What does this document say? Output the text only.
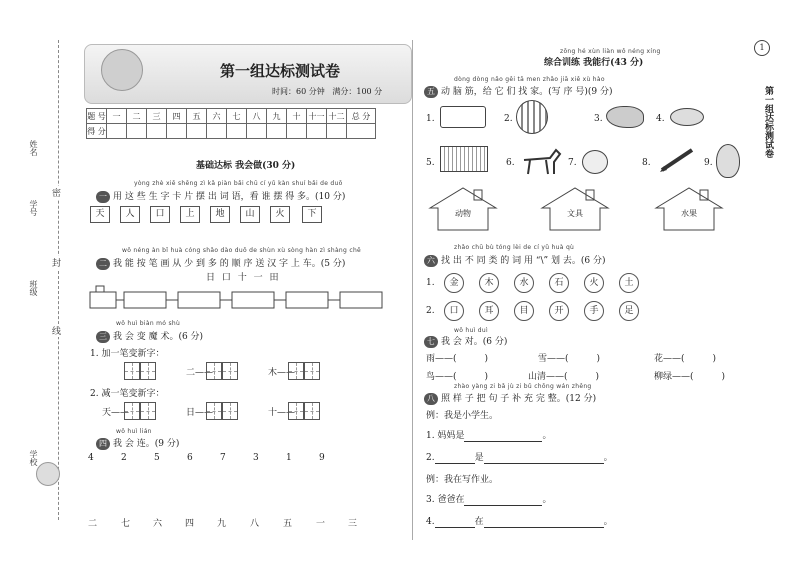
姓名
学号
班级
学校
密
封
线
第一组达标测试卷
时间：60 分钟 满分：100 分
题 号	一	二	三	四	五	六	七	八	九	十	十一	十二	总 分
得 分													
基础达标 我会做(30 分)
yòng zhè xiē shēng zì kǎ piàn bǎi chū cí yǔ kàn shuí bǎi de duō
一 用 这 些 生 字 卡 片 摆 出 词 语，看 谁 摆 得 多。(10 分)
天	人	口	上	地	山	火	下
wǒ néng àn bǐ huà cóng shǎo dào duō de shùn xù sòng hàn zì shàng chē
二 我 能 按 笔 画 从 少 到 多 的 顺 序 送 汉 字 上 车。(5 分)
日 口 十 一 田
wǒ huì biàn mó shù
三 我 会 变 魔 术。(6 分)
1. 加一笔变新字：
二——	木——
2. 减一笔变新字：
天——	日——	十——
wǒ huì lián
四 我 会 连。(9 分)
4	2	5	6	7	3	1	9
二	七	六	四	九	八	五	一	三
zōng hé xùn liàn wǒ néng xíng
综合训练 我能行(43 分)
dòng dòng nǎo gěi tā men zhǎo jiā xiě xù hào
五 动 脑 筋，给 它 们 找 家。(写 序 号)(9 分)
1.	2.	3.	4.
5.	6.	7.	8.	9.
动物	文具	水果
zhǎo chū bù tóng lèi de cí yǔ huà qù
六 找 出 不 同 类 的 词 用 “\” 划 去。(6 分)
1.	金	木	水	石	火	土
2.	口	耳	目	开	手	足
wǒ huì duì
七 我 会 对。(6 分)
雨——(	)	雪——(	)	花——(	)
鸟——(	)	山清——(	)	柳绿——(	)
zhào yàng zi bǎ jù zi bǔ chōng wán zhěng
八 照 样 子 把 句 子 补 充 完 整。(12 分)
例：我是小学生。
1. 妈妈是	。
2.	是	。
例：我在写作业。
3. 爸爸在	。
4.	在	。
1
第一组达标测试卷
